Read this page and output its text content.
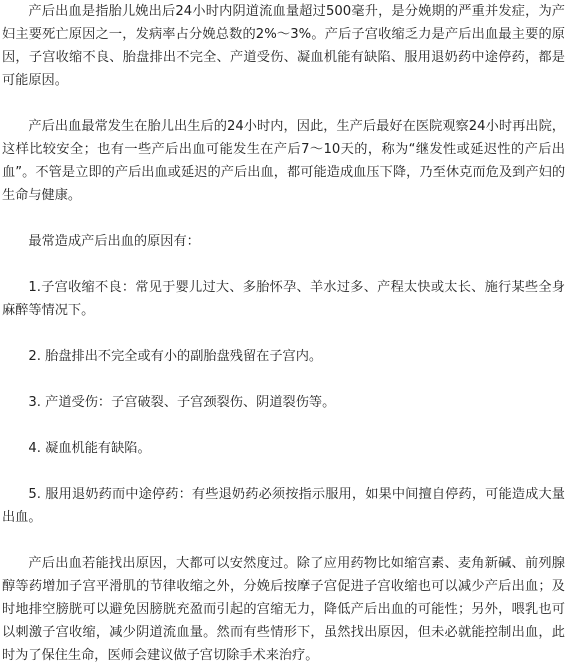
产后出血是指胎儿娩出后24小时内阴道流血量超过500毫升，是分娩期的严重并发症，为产妇主要死亡原因之一，发病率占分娩总数的2%～3%。产后子宫收缩乏力是产后出血最主要的原因，子宫收缩不良、胎盘排出不完全、产道受伤、凝血机能有缺陷、服用退奶药中途停药，都是可能原因。

产后出血最常发生在胎儿出生后的24小时内，因此，生产后最好在医院观察24小时再出院，这样比较安全；也有一些产后出血可能发生在产后7～10天的，称为“继发性或延迟性的产后出血”。不管是立即的产后出血或延迟的产后出血，都可能造成血压下降，乃至休克而危及到产妇的生命与健康。

最常造成产后出血的原因有：

1.子宫收缩不良：常见于婴儿过大、多胎怀孕、羊水过多、产程太快或太长、施行某些全身麻醉等情况下。

2. 胎盘排出不完全或有小的副胎盘残留在子宫内。

3. 产道受伤：子宫破裂、子宫颈裂伤、阴道裂伤等。

4. 凝血机能有缺陷。

5. 服用退奶药而中途停药：有些退奶药必须按指示服用，如果中间擅自停药，可能造成大量出血。

产后出血若能找出原因，大都可以安然度过。除了应用药物比如缩宫素、麦角新碱、前列腺醇等药增加子宫平滑肌的节律收缩之外，分娩后按摩子宫促进子宫收缩也可以减少产后出血；及时地排空膀胱可以避免因膀胱充盈而引起的宫缩无力，降低产后出血的可能性；另外，喂乳也可以刺激子宫收缩，减少阴道流血量。然而有些情形下，虽然找出原因，但未必就能控制出血，此时为了保住生命，医师会建议做子宫切除手术来治疗。
